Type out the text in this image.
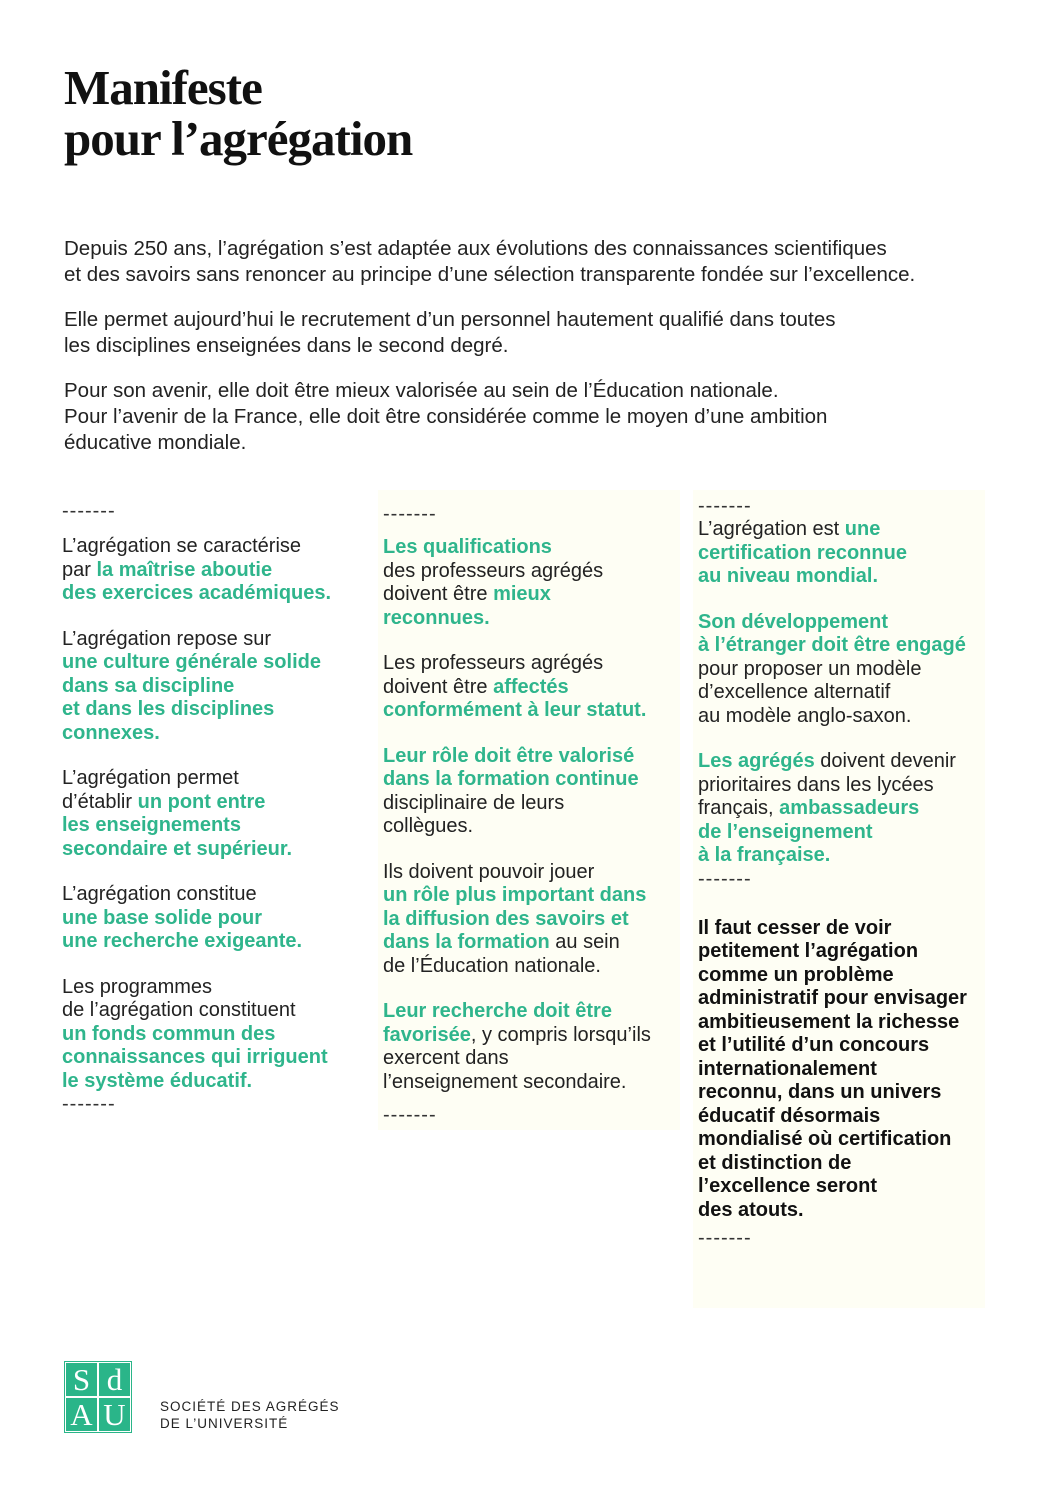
Manifeste
pour l’agrégation

Depuis 250 ans, l’agrégation s’est adaptée aux évolutions des connaissances scientifiques
et des savoirs sans renoncer au principe d’une sélection transparente fondée sur l’excellence.

Elle permet aujourd’hui le recrutement d’un personnel hautement qualifié dans toutes
les disciplines enseignées dans le second degré.

Pour son avenir, elle doit être mieux valorisée au sein de l’Éducation nationale.
Pour l’avenir de la France, elle doit être considérée comme le moyen d’une ambition
éducative mondiale.

-------
L’agrégation se caractérise
par la maîtrise aboutie
des exercices académiques.
L’agrégation repose sur
une culture générale solide
dans sa discipline
et dans les disciplines
connexes.
L’agrégation permet
d’établir un pont entre
les enseignements
secondaire et supérieur.
L’agrégation constitue
une base solide pour
une recherche exigeante.
Les programmes
de l’agrégation constituent
un fonds commun des
connaissances qui irriguent
le système éducatif.
-------
-------
Les qualifications
des professeurs agrégés
doivent être mieux
reconnues.
Les professeurs agrégés
doivent être affectés
conformément à leur statut.
Leur rôle doit être valorisé
dans la formation continue
disciplinaire de leurs
collègues.
Ils doivent pouvoir jouer
un rôle plus important dans
la diffusion des savoirs et
dans la formation au sein
de l’Éducation nationale.
Leur recherche doit être
favorisée, y compris lorsqu’ils
exercent dans
l’enseignement secondaire.
-------
-------
L’agrégation est une
certification reconnue
au niveau mondial.
Son développement
à l’étranger doit être engagé
pour proposer un modèle
d’excellence alternatif
au modèle anglo-saxon.
Les agrégés doivent devenir
prioritaires dans les lycées
français, ambassadeurs
de l’enseignement
à la française.
-------
Il faut cesser de voir
petitement l’agrégation
comme un problème
administratif pour envisager
ambitieusement la richesse
et l’utilité d’un concours
internationalement
reconnu, dans un univers
éducatif désormais
mondialisé où certification
et distinction de
l’excellence seront
des atouts.
-------
S d
A U	SOCIÉTÉ DES AGRÉGÉS
DE L’UNIVERSITÉ
